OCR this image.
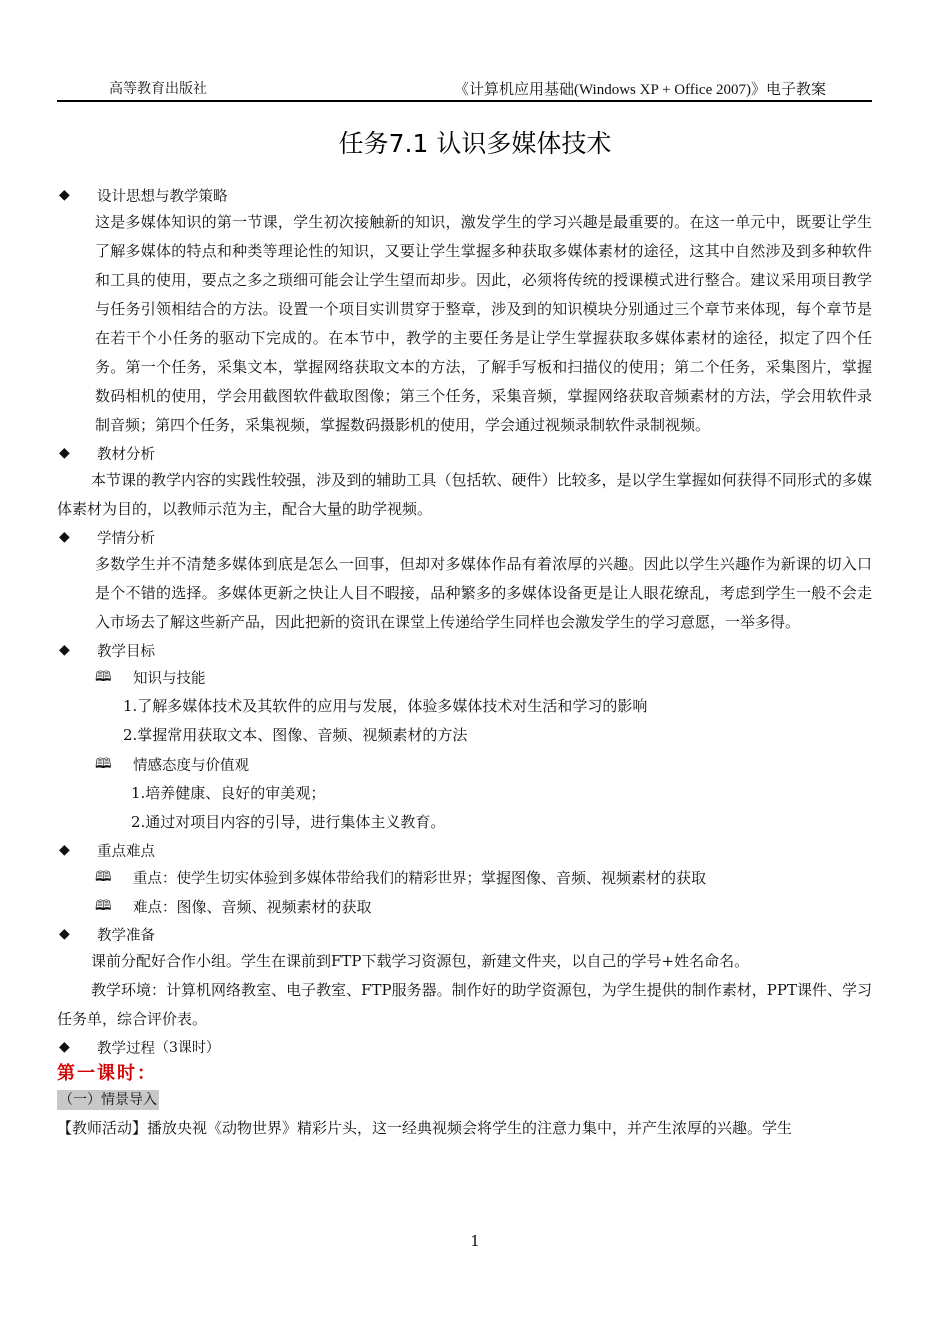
高等教育出版社	《计算机应用基础(Windows XP + Office 2007)》电子教案
任务7.1 认识多媒体技术
◆	设计思想与教学策略

这是多媒体知识的第一节课，学生初次接触新的知识，激发学生的学习兴趣是最重要的。在这一单元中，既要让学生了解多媒体的特点和种类等理论性的知识，又要让学生掌握多种获取多媒体素材的途径，这其中自然涉及到多种软件和工具的使用，要点之多之琐细可能会让学生望而却步。因此，必须将传统的授课模式进行整合。建议采用项目教学与任务引领相结合的方法。设置一个项目实训贯穿于整章，涉及到的知识模块分别通过三个章节来体现，每个章节是在若干个小任务的驱动下完成的。在本节中，教学的主要任务是让学生掌握获取多媒体素材的途径，拟定了四个任务。第一个任务，采集文本，掌握网络获取文本的方法，了解手写板和扫描仪的使用；第二个任务，采集图片，掌握数码相机的使用，学会用截图软件截取图像；第三个任务，采集音频，掌握网络获取音频素材的方法，学会用软件录制音频；第四个任务，采集视频，掌握数码摄影机的使用，学会通过视频录制软件录制视频。

◆	教材分析

本节课的教学内容的实践性较强，涉及到的辅助工具（包括软、硬件）比较多，是以学生掌握如何获得不同形式的多媒体素材为目的，以教师示范为主，配合大量的助学视频。

◆	学情分析

多数学生并不清楚多媒体到底是怎么一回事，但却对多媒体作品有着浓厚的兴趣。因此以学生兴趣作为新课的切入口是个不错的选择。多媒体更新之快让人目不暇接，品种繁多的多媒体设备更是让人眼花缭乱，考虑到学生一般不会走入市场去了解这些新产品，因此把新的资讯在课堂上传递给学生同样也会激发学生的学习意愿，一举多得。

◆	教学目标
🕮	知识与技能
1.了解多媒体技术及其软件的应用与发展，体验多媒体技术对生活和学习的影响
2.掌握常用获取文本、图像、音频、视频素材的方法
🕮	情感态度与价值观
1.培养健康、良好的审美观；
2.通过对项目内容的引导，进行集体主义教育。
◆	重点难点
🕮	重点：使学生切实体验到多媒体带给我们的精彩世界； 掌握图像、音频、视频素材的获取
🕮	难点： 图像、音频、视频素材的获取
◆	教学准备

课前分配好合作小组。学生在课前到FTP下载学习资源包，新建文件夹，以自己的学号+姓名命名。

教学环境：计算机网络教室、电子教室、FTP服务器。制作好的助学资源包，为学生提供的制作素材，PPT课件、学习任务单，综合评价表。

◆	教学过程 （3课时）
第一课时：
（一）情景导入
【教师活动】播放央视《动物世界》精彩片头，这一经典视频会将学生的注意力集中，并产生浓厚的兴趣。学生
1
